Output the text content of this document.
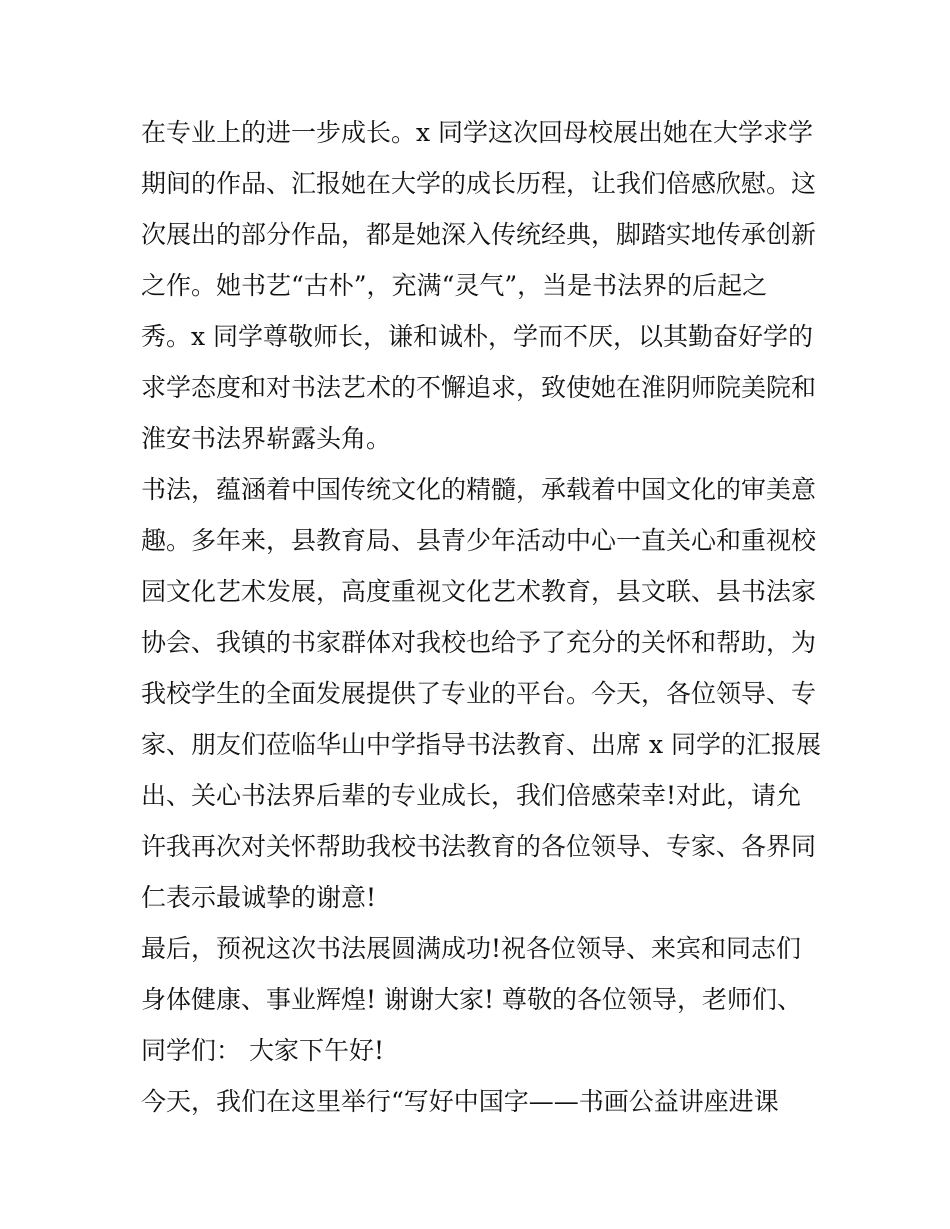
在专业上的进一步成长。x 同学这次回母校展出她在大学求学
期间的作品、汇报她在大学的成长历程，让我们倍感欣慰。这
次展出的部分作品，都是她深入传统经典，脚踏实地传承创新
之作。她书艺“古朴”，充满“灵气”，当是书法界的后起之
秀。x 同学尊敬师长，谦和诚朴，学而不厌，以其勤奋好学的
求学态度和对书法艺术的不懈追求，致使她在淮阴师院美院和
淮安书法界崭露头角。
书法，蕴涵着中国传统文化的精髓，承载着中国文化的审美意
趣。多年来，县教育局、县青少年活动中心一直关心和重视校
园文化艺术发展，高度重视文化艺术教育，县文联、县书法家
协会、我镇的书家群体对我校也给予了充分的关怀和帮助，为
我校学生的全面发展提供了专业的平台。今天，各位领导、专
家、朋友们莅临华山中学指导书法教育、出席 x 同学的汇报展
出、关心书法界后辈的专业成长，我们倍感荣幸!对此，请允
许我再次对关怀帮助我校书法教育的各位领导、专家、各界同
仁表示最诚挚的谢意!
最后，预祝这次书法展圆满成功!祝各位领导、来宾和同志们
身体健康、事业辉煌! 谢谢大家! 尊敬的各位领导，老师们、
同学们： 大家下午好!
今天，我们在这里举行“写好中国字——书画公益讲座进课
